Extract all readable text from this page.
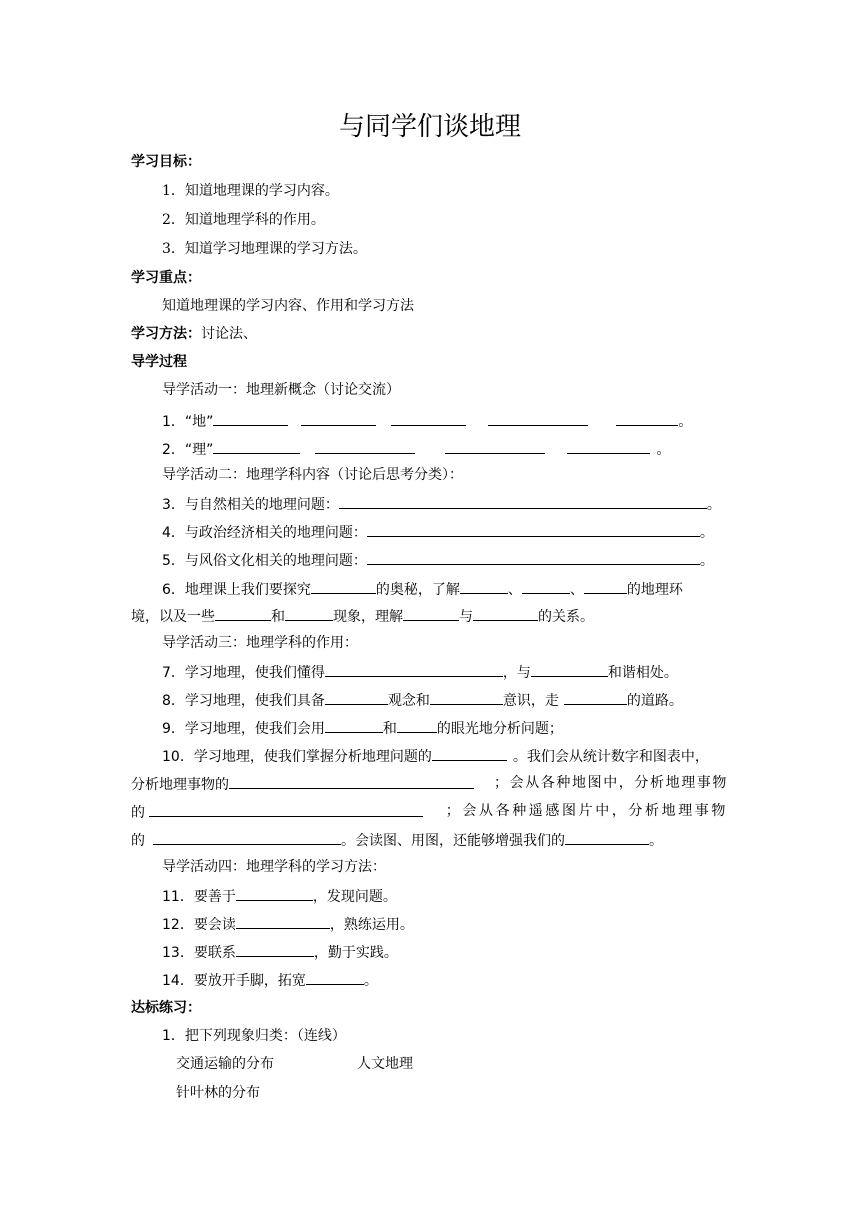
与同学们谈地理
学习目标：
1．知道地理课的学习内容。
2．知道地理学科的作用。
3．知道学习地理课的学习方法。
学习重点：
知道地理课的学习内容、作用和学习方法
学习方法：讨论法、
导学过程
导学活动一：地理新概念（讨论交流）
1．“地”	。
2．“理”	。
导学活动二：地理学科内容（讨论后思考分类）：
3．与自然相关的地理问题：	。
4．与政治经济相关的地理问题：	。
5．与风俗文化相关的地理问题：	。
6．地理课上我们要探究	的奥秘，了解	、	、	的地理环
境，以及一些	和	现象，理解	与	的关系。
导学活动三：地理学科的作用：
7．学习地理，使我们懂得	，与	和谐相处。
8．学习地理，使我们具备	观念和	意识，走	的道路。
9．学习地理，使我们会用	和	的眼光地分析问题；
10．学习地理，使我们掌握分析地理问题的	。我们会从统计数字和图表中，
分析地理事物的	；会从各种地图中，分析地理事物
的	；会从各种遥感图片中，分析地理事物
的	。会读图、用图，还能够增强我们的	。
导学活动四：地理学科的学习方法：
11．要善于	，发现问题。
12．要会读	，熟练运用。
13．要联系	，勤于实践。
14．要放开手脚，拓宽	。
达标练习：
1．把下列现象归类：（连线）
交通运输的分布	人文地理
针叶林的分布
